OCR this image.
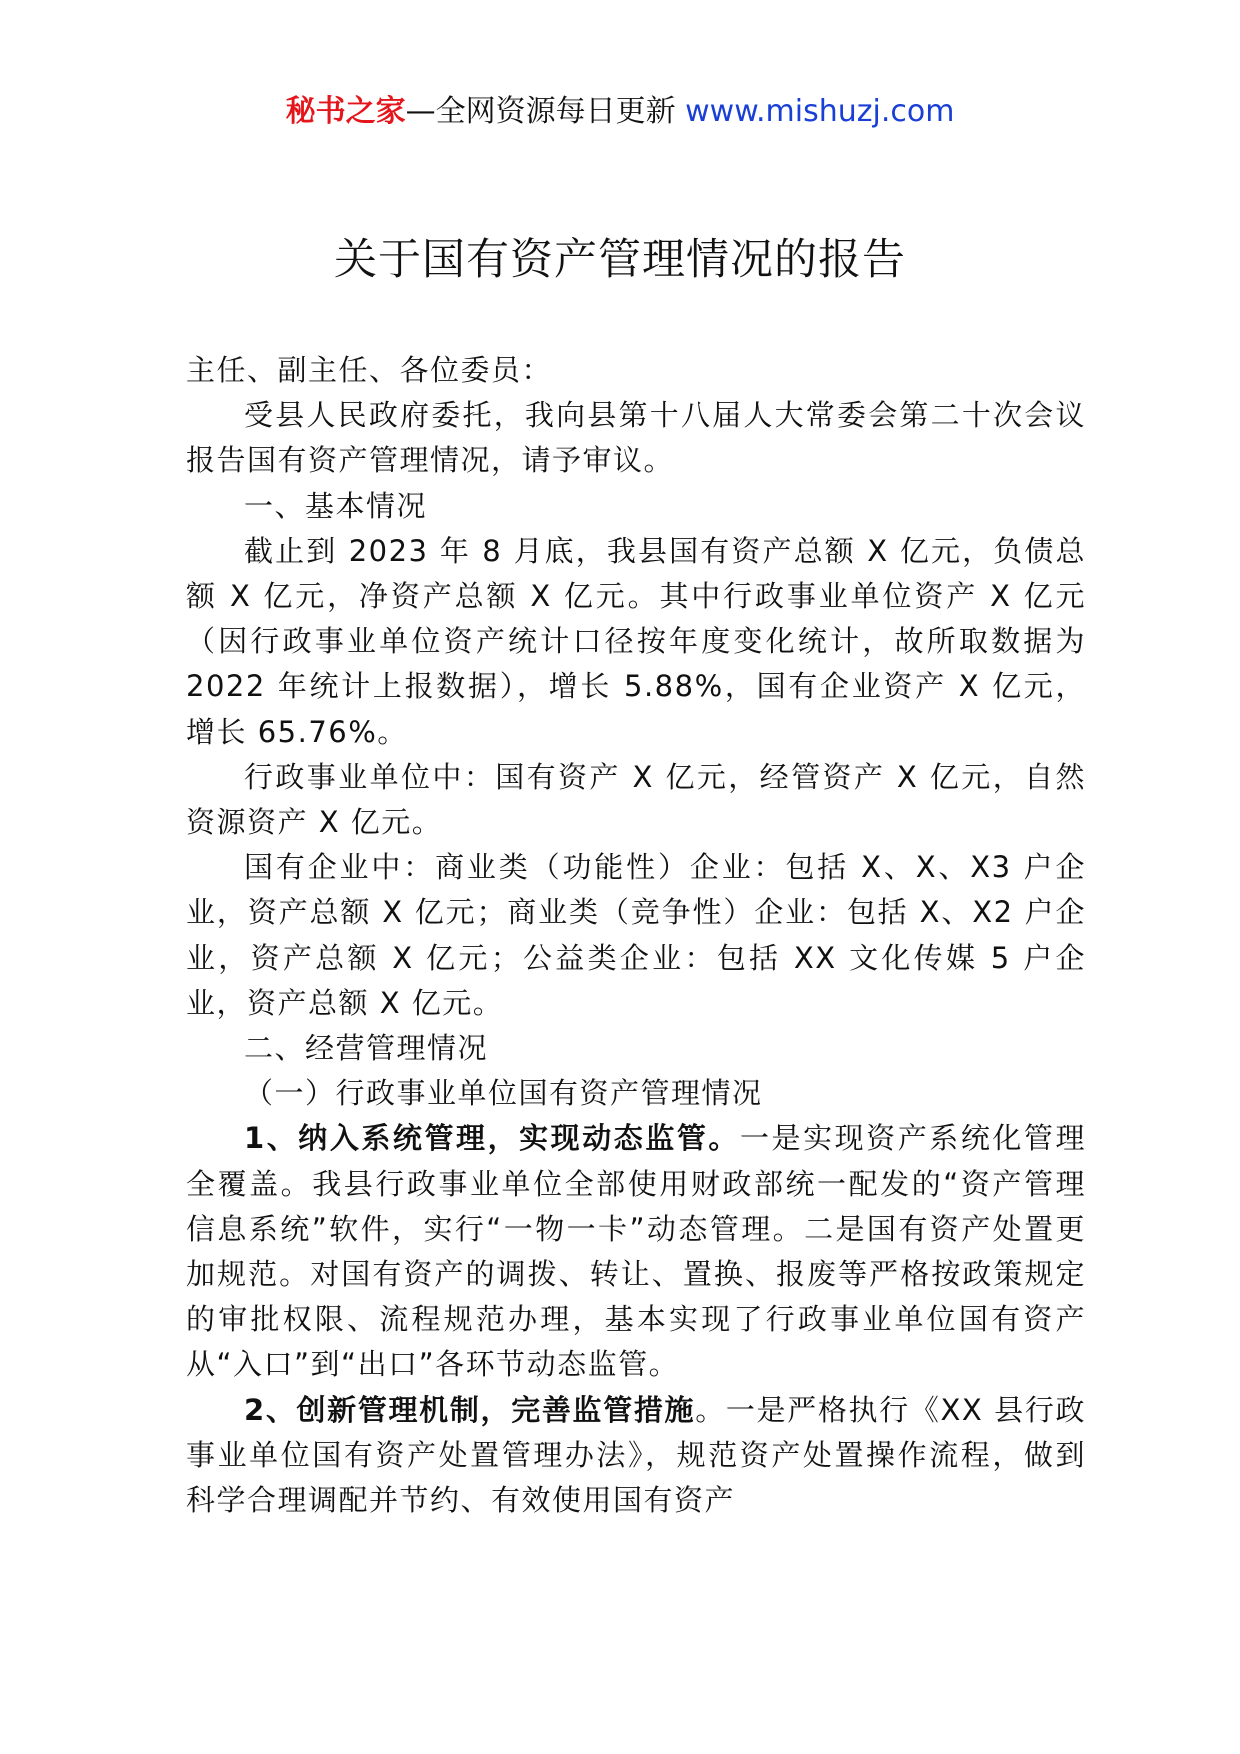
秘书之家—全网资源每日更新 www.mishuzj.com
关于国有资产管理情况的报告

主任、副主任、各位委员：

受县人民政府委托，我向县第十八届人大常委会第二十次会议报告国有资产管理情况，请予审议。

一、基本情况

截止到 2023 年 8 月底，我县国有资产总额 X 亿元，负债总额 X 亿元，净资产总额 X 亿元。其中行政事业单位资产 X 亿元（因行政事业单位资产统计口径按年度变化统计，故所取数据为 2022 年统计上报数据），增长 5.88%，国有企业资产 X 亿元，增长 65.76%。

行政事业单位中：国有资产 X 亿元，经管资产 X 亿元，自然资源资产 X 亿元。

国有企业中：商业类（功能性）企业：包括 X、X、X3 户企业，资产总额 X 亿元；商业类（竞争性）企业：包括 X、X2 户企业，资产总额 X 亿元；公益类企业：包括 XX 文化传媒 5 户企业，资产总额 X 亿元。

二、经营管理情况

（一）行政事业单位国有资产管理情况

1、纳入系统管理，实现动态监管。一是实现资产系统化管理全覆盖。我县行政事业单位全部使用财政部统一配发的“资产管理信息系统”软件，实行“一物一卡”动态管理。二是国有资产处置更加规范。对国有资产的调拨、转让、置换、报废等严格按政策规定的审批权限、流程规范办理，基本实现了行政事业单位国有资产从“入口”到“出口”各环节动态监管。

2、创新管理机制，完善监管措施。一是严格执行《XX 县行政事业单位国有资产处置管理办法》，规范资产处置操作流程，做到科学合理调配并节约、有效使用国有资产
